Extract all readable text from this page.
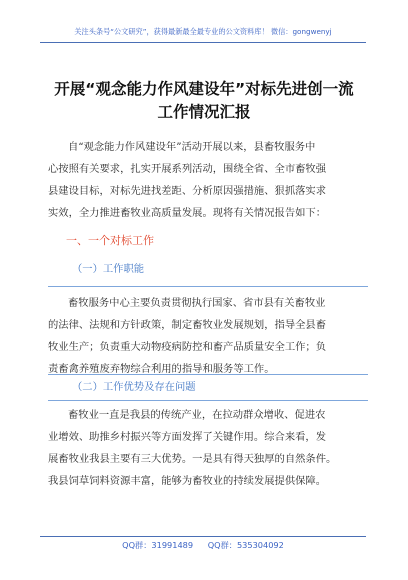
关注头条号“公文研究”，获得最新最全最专业的公文资料库！ 微信：gongwenyj
开展“观念能力作风建设年”对标先进创一流
工作情况汇报
自“观念能力作风建设年”活动开展以来，县畜牧服务中
心按照有关要求，扎实开展系列活动，围绕全省、全市畜牧强
县建设目标，对标先进找差距、分析原因强措施、狠抓落实求
实效，全力推进畜牧业高质量发展。现将有关情况报告如下：
一、一个对标工作
（一）工作职能
畜牧服务中心主要负责贯彻执行国家、省市县有关畜牧业
的法律、法规和方针政策，制定畜牧业发展规划，指导全县畜
牧业生产；负责重大动物疫病防控和畜产品质量安全工作；负
责畜禽养殖废弃物综合利用的指导和服务等工作。
（二）工作优势及存在问题
畜牧业一直是我县的传统产业，在拉动群众增收、促进农
业增效、助推乡村振兴等方面发挥了关键作用。综合来看，发
展畜牧业我县主要有三大优势。一是具有得天独厚的自然条件。
我县饲草饲料资源丰富，能够为畜牧业的持续发展提供保障。
QQ群：31991489 QQ群：535304092
